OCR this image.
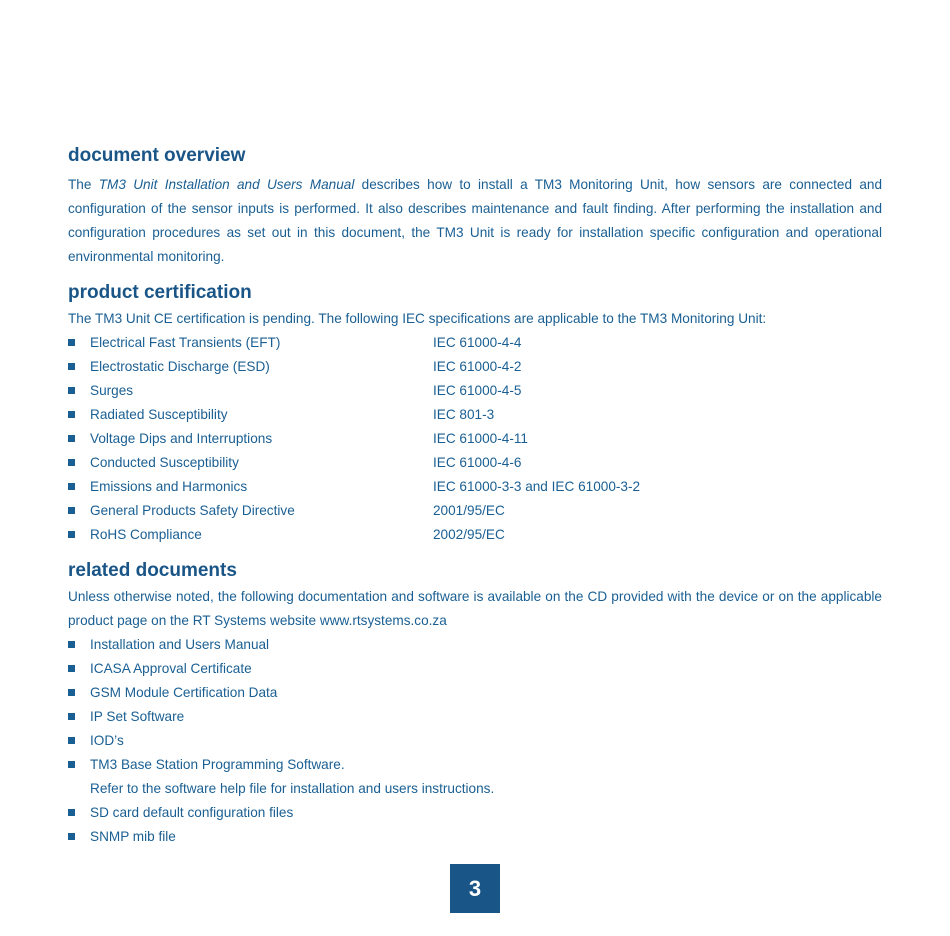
document overview

The TM3 Unit Installation and Users Manual describes how to install a TM3 Monitoring Unit, how sensors are connected and configuration of the sensor inputs is performed. It also describes maintenance and fault finding. After performing the installation and configuration procedures as set out in this document, the TM3 Unit is ready for installation specific configuration and operational environmental monitoring.

product certification

The TM3 Unit CE certification is pending. The following IEC specifications are applicable to the TM3 Monitoring Unit:

Electrical Fast Transients (EFT)	IEC 61000-4-4
Electrostatic Discharge (ESD)	IEC 61000-4-2
Surges	IEC 61000-4-5
Radiated Susceptibility	IEC 801-3
Voltage Dips and Interruptions	IEC 61000-4-11
Conducted Susceptibility	IEC 61000-4-6
Emissions and Harmonics	IEC 61000-3-3 and IEC 61000-3-2
General Products Safety Directive	2001/95/EC
RoHS Compliance	2002/95/EC
related documents

Unless otherwise noted, the following documentation and software is available on the CD provided with the device or on the applicable product page on the RT Systems website www.rtsystems.co.za

Installation and Users Manual
ICASA Approval Certificate
GSM Module Certification Data
IP Set Software
IOD’s
TM3 Base Station Programming Software.
Refer to the software help file for installation and users instructions.
SD card default configuration files
SNMP mib file
3
